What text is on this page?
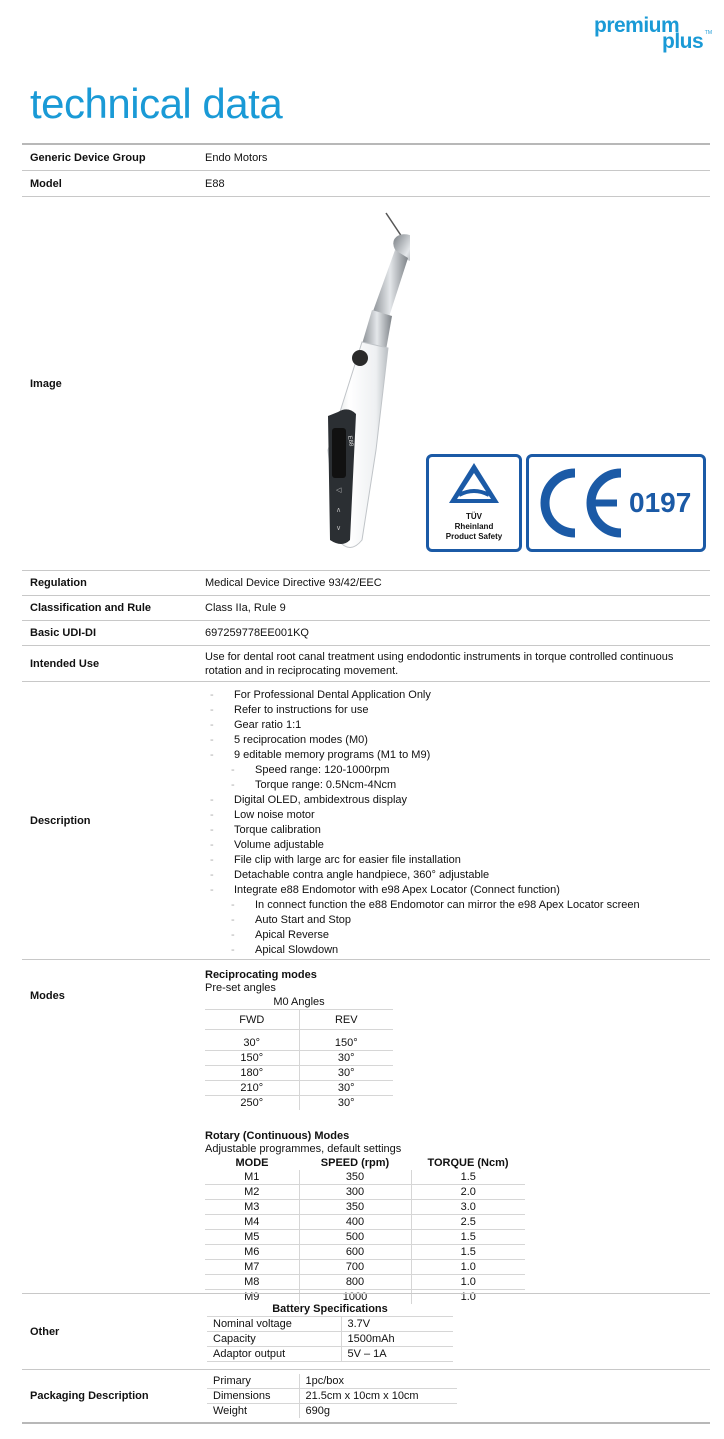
premium
plus TM
technical data
Generic Device Group	Endo Motors
Model	E88
Image
Regulation	Medical Device Directive 93/42/EEC
Classification and Rule	Class IIa, Rule 9
Basic UDI-DI	697259778EE001KQ
Intended Use
Use for dental root canal treatment using endodontic instruments in torque controlled continuous rotation and in reciprocating movement.
Description
- For Professional Dental Application Only
- Refer to instructions for use
- Gear ratio 1:1
- 5 reciprocation modes (M0)
- 9 editable memory programs (M1 to M9)
- Speed range: 120-1000rpm
- Torque range: 0.5Ncm-4Ncm
- Digital OLED, ambidextrous display
- Low noise motor
- Torque calibration
- Volume adjustable
- File clip with large arc for easier file installation
- Detachable contra angle handpiece, 360° adjustable
- Integrate e88 Endomotor with e98 Apex Locator (Connect function)
- In connect function the e88 Endomotor can mirror the e98 Apex Locator screen
- Auto Start and Stop
- Apical Reverse
- Apical Slowdown
Modes
Reciprocating modes
Pre-set angles
M0 Angles	
FWD	REV

30°	150°
150°	30°
180°	30°
210°	30°
250°	30°
Rotary (Continuous) Modes
Adjustable programmes, default settings
MODE	SPEED (rpm)	TORQUE (Ncm)
M1	350	1.5
M2	300	2.0
M3	350	3.0
M4	400	2.5
M5	500	1.5
M6	600	1.5
M7	700	1.0
M8	800	1.0
M9	1000	1.0
Other
Battery Specifications	
Nominal voltage	3.7V
Capacity	1500mAh
Adaptor output	5V – 1A
Packaging Description
Primary	1pc/box
Dimensions	21.5cm x 10cm x 10cm
Weight	690g
E88
◁
∧
∨
TÜV
Rheinland
Product Safety
0197
